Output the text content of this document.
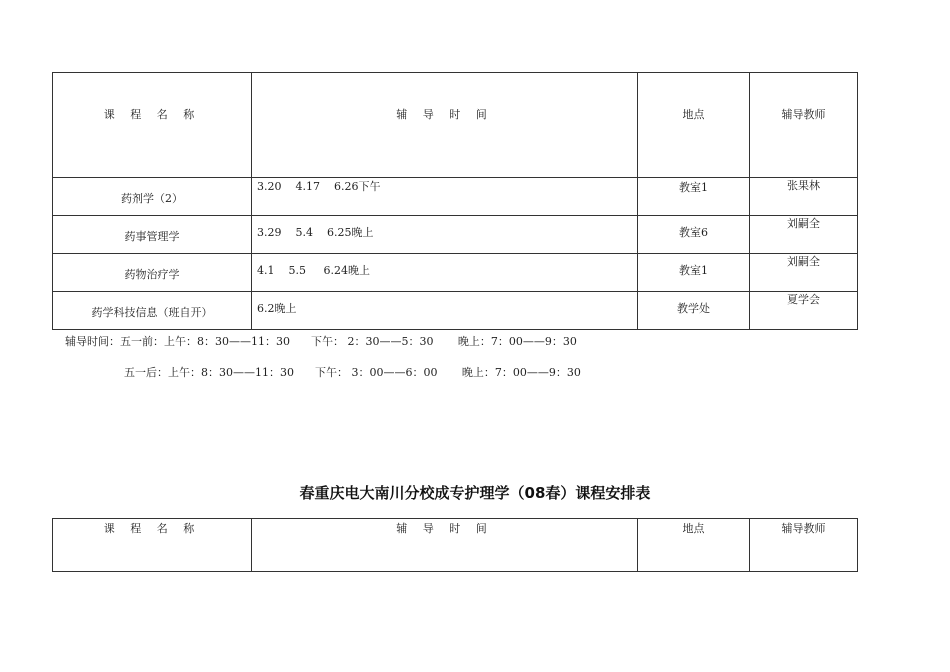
课 程 名 称	辅 导 时 间	地点	辅导教师

药剂学（2）	3.20    4.17    6.26下午	教室1	张果林

药事管理学	3.29    5.4    6.25晚上	教室6	刘嗣全

药物治疗学	4.1    5.5     6.24晚上	教室1	刘嗣全

药学科技信息（班自开）	6.2晚上	教学处	夏学会
辅导时间：五一前：上午：8：30——11：30      下午： 2：30——5：30       晚上：7：00——9：30
五一后：上午：8：30——11：30      下午： 3：00——6：00       晚上：7：00——9：30
春重庆电大南川分校成专护理学（08春）课程安排表
课 程 名 称	辅 导 时 间	地点	辅导教师
